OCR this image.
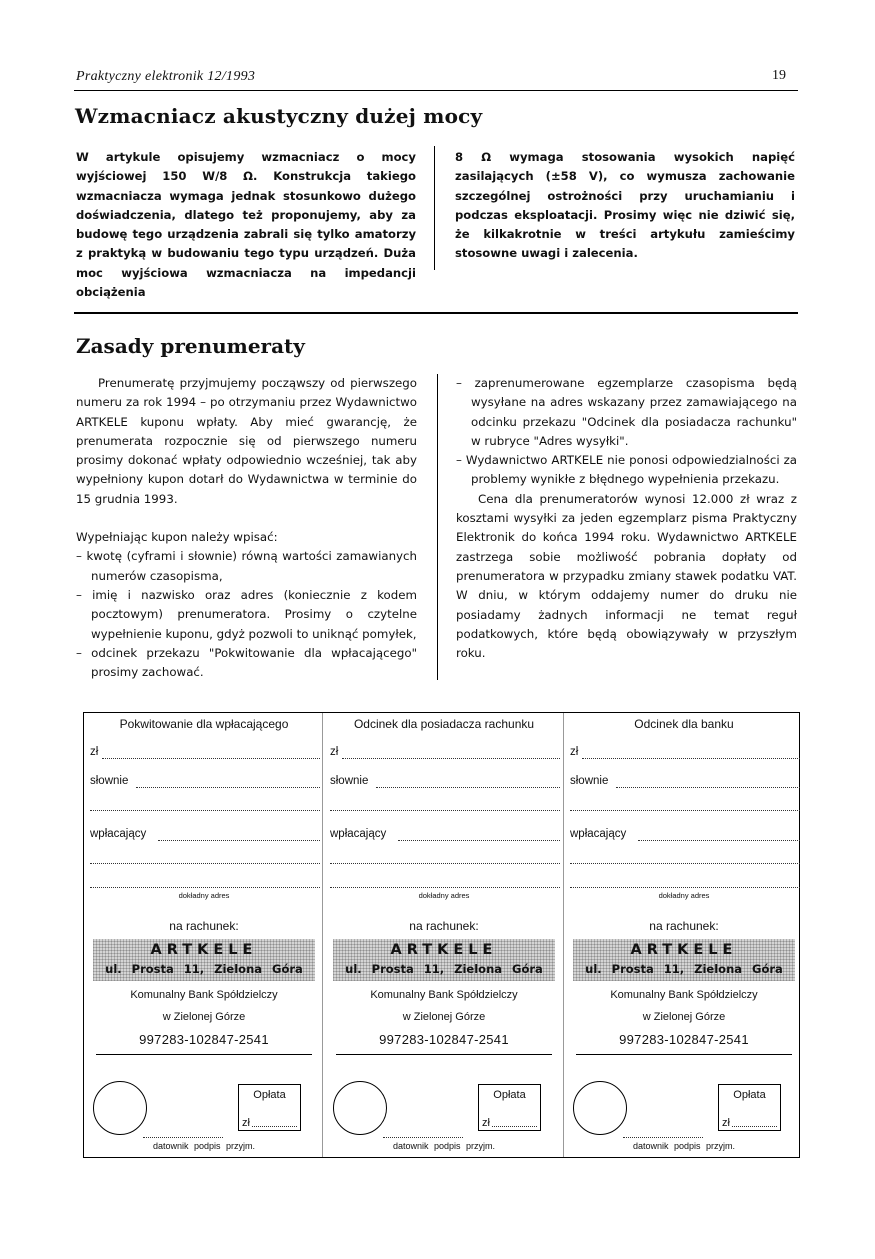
Praktyczny elektronik 12/1993	19
Wzmacniacz akustyczny dużej mocy

W artykule opisujemy wzmacniacz o mocy wyjściowej 150 W/8 Ω. Konstrukcja takiego wzmacniacza wymaga jednak stosunkowo dużego doświadczenia, dlatego też proponujemy, aby za budowę tego urządzenia zabrali się tylko amatorzy z praktyką w budowaniu tego typu urządzeń. Duża moc wyjściowa wzmacniacza na impedancji obciążenia

8 Ω wymaga stosowania wysokich napięć zasilających (±58 V), co wymusza zachowanie szczególnej ostrożności przy uruchamianiu i podczas eksploatacji. Prosimy więc nie dziwić się, że kilkakrotnie w treści artykułu zamieścimy stosowne uwagi i zalecenia.

Zasady prenumeraty

Prenumeratę przyjmujemy począwszy od pierwszego numeru za rok 1994 – po otrzymaniu przez Wydawnictwo ARTKELE kuponu wpłaty. Aby mieć gwarancję, że prenumerata rozpocznie się od pierwszego numeru prosimy dokonać wpłaty odpowiednio wcześniej, tak aby wypełniony kupon dotarł do Wydawnictwa w terminie do 15 grudnia 1993.

Wypełniając kupon należy wpisać:

– kwotę (cyframi i słownie) równą wartości zamawianych numerów czasopisma,
– imię i nazwisko oraz adres (koniecznie z kodem pocztowym) prenumeratora. Prosimy o czytelne wypełnienie kuponu, gdyż pozwoli to uniknąć pomyłek,
– odcinek przekazu "Pokwitowanie dla wpłacającego" prosimy zachować.
– zaprenumerowane egzemplarze czasopisma będą wysyłane na adres wskazany przez zamawiającego na odcinku przekazu "Odcinek dla posiadacza rachunku" w rubryce "Adres wysyłki".
– Wydawnictwo ARTKELE nie ponosi odpowiedzialności za problemy wynikłe z błędnego wypełnienia przekazu.

Cena dla prenumeratorów wynosi 12.000 zł wraz z kosztami wysyłki za jeden egzemplarz pisma Praktyczny Elektronik do końca 1994 roku. Wydawnictwo ARTKELE zastrzega sobie możliwość pobrania dopłaty od prenumeratora w przypadku zmiany stawek podatku VAT. W dniu, w którym oddajemy numer do druku nie posiadamy żadnych informacji ne temat reguł podatkowych, które będą obowiązywały w przyszłym roku.

Pokwitowanie dla wpłacającego
zł
słownie
wpłacający
dokładny adres
na rachunek:
ARTKELE
ul. Prosta 11, Zielona Góra
Komunalny Bank Spółdzielczy
w Zielonej Górze
997283-102847-2541
Opłata
zł
datownik podpis przyjm.
Odcinek dla posiadacza rachunku
zł
słownie
wpłacający
dokładny adres
na rachunek:
ARTKELE
ul. Prosta 11, Zielona Góra
Komunalny Bank Spółdzielczy
w Zielonej Górze
997283-102847-2541
Opłata
zł
datownik podpis przyjm.
Odcinek dla banku
zł
słownie
wpłacający
dokładny adres
na rachunek:
ARTKELE
ul. Prosta 11, Zielona Góra
Komunalny Bank Spółdzielczy
w Zielonej Górze
997283-102847-2541
Opłata
zł
datownik podpis przyjm.
